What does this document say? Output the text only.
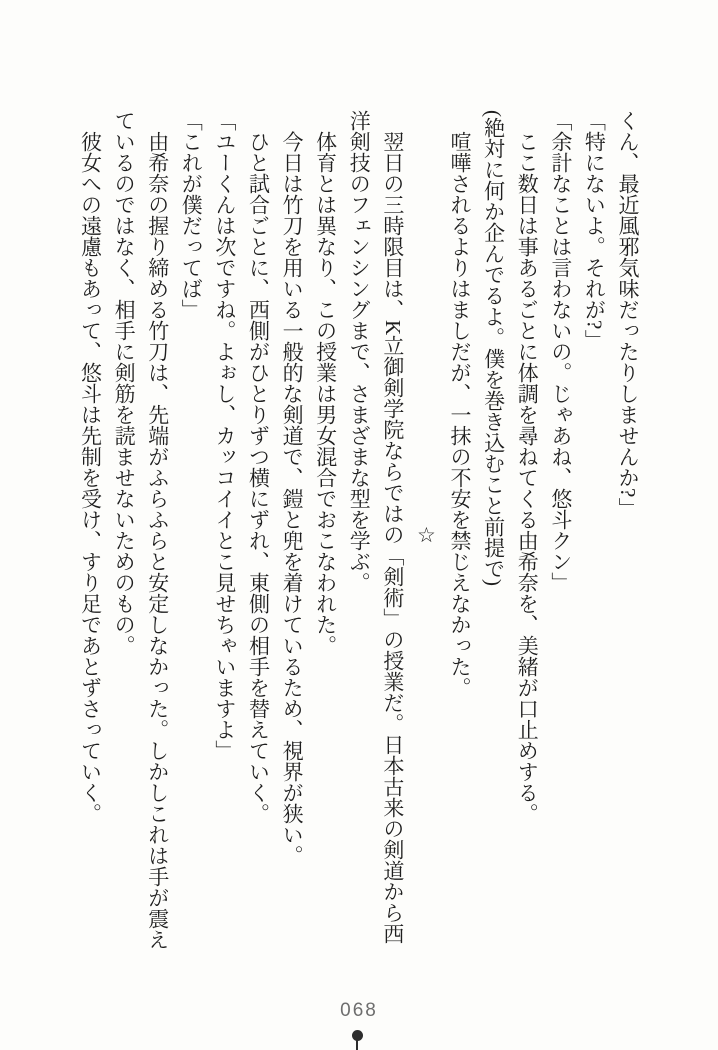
くん、最近風邪気味だったりしませんか?」

「特にないよ。それが?」

「余計なことは言わないの。じゃあね、悠斗クン」

　ここ数日は事あるごとに体調を尋ねてくる由希奈を、美緒が口止めする。

(絶対に何か企んでるよ。僕を巻き込むこと前提で)

　喧嘩されるよりはましだが、一抹の不安を禁じえなかった。

☆

　翌日の三時限目は、K立御剣学院ならではの「剣術」の授業だ。日本古来の剣道から西洋剣技のフェンシングまで、さまざまな型を学ぶ。

　体育とは異なり、この授業は男女混合でおこなわれた。

　今日は竹刀を用いる一般的な剣道で、鎧と兜を着けているため、視界が狭い。

　ひと試合ごとに、西側がひとりずつ横にずれ、東側の相手を替えていく。

「ユーくんは次ですね。よぉし、カッコイイとこ見せちゃいますよ」

「これが僕だってば」

　由希奈の握り締める竹刀は、先端がふらふらと安定しなかった。しかしこれは手が震えているのではなく、相手に剣筋を読ませないためのもの。

　彼女への遠慮もあって、悠斗は先制を受け、すり足であとずさっていく。

068
